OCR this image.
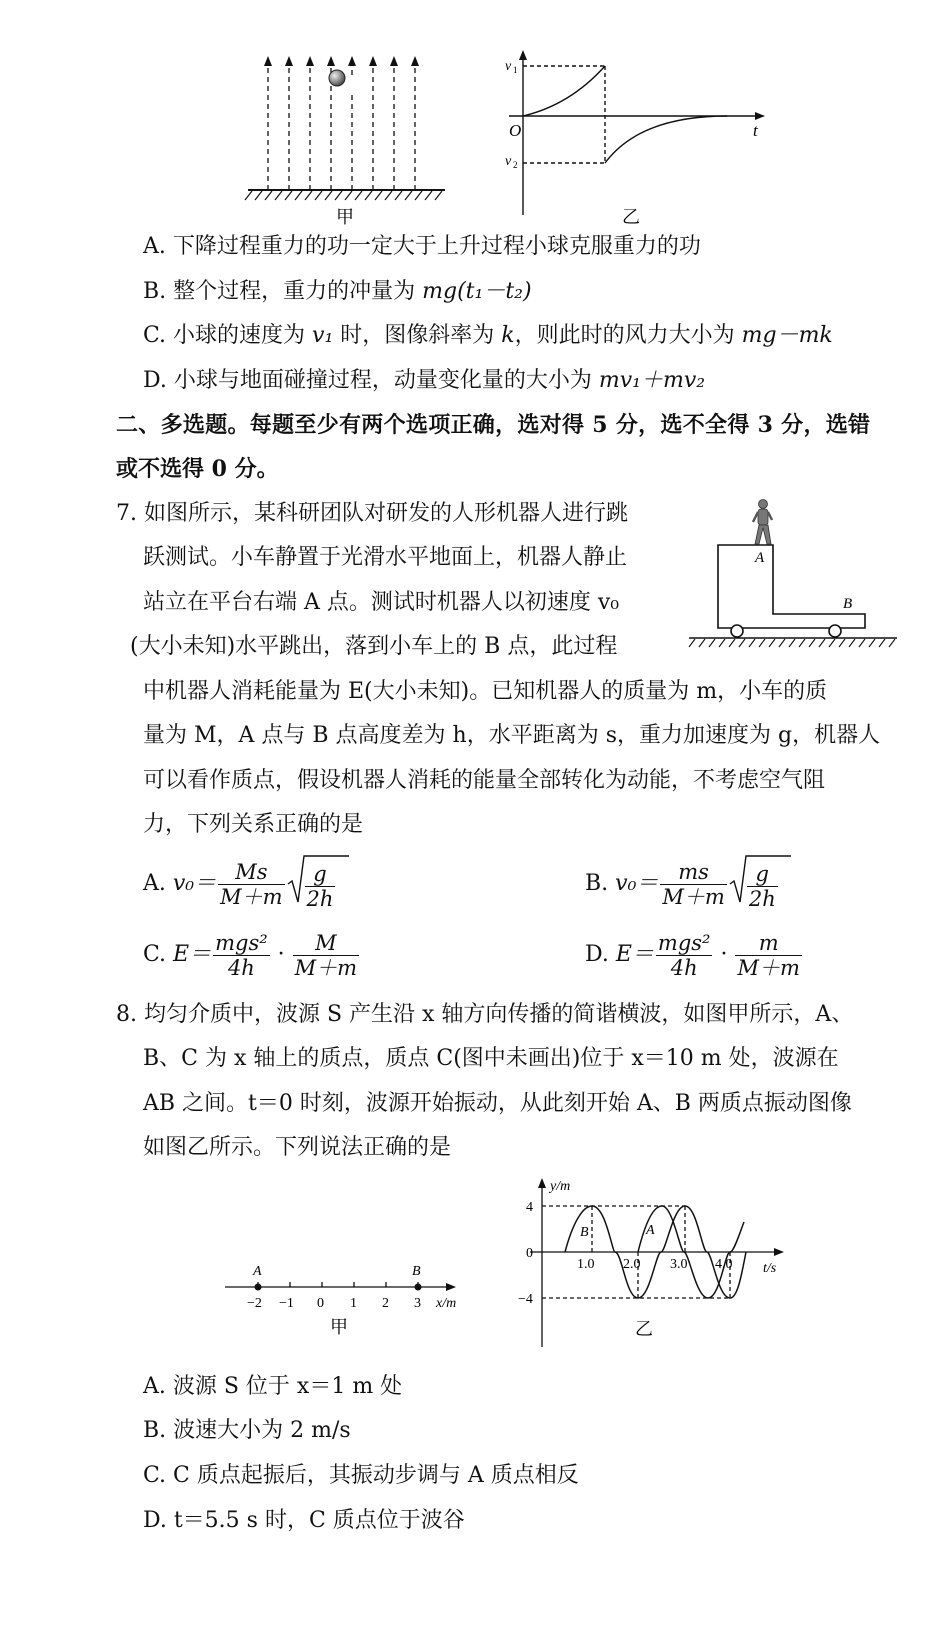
甲
v 1
v 2
O	t
乙
A. 下降过程重力的功一定大于上升过程小球克服重力的功
B. 整个过程，重力的冲量为 mg(t₁－t₂)
C. 小球的速度为 v₁ 时，图像斜率为 k，则此时的风力大小为 mg－mk
D. 小球与地面碰撞过程，动量变化量的大小为 mv₁＋mv₂
二、多选题。每题至少有两个选项正确，选对得 5 分，选不全得 3 分，选错
或不选得 0 分。
7. 如图所示，某科研团队对研发的人形机器人进行跳
跃测试。小车静置于光滑水平地面上，机器人静止
站立在平台右端 A 点。测试时机器人以初速度 v₀
(大小未知)水平跳出，落到小车上的 B 点，此过程
中机器人消耗能量为 E(大小未知)。已知机器人的质量为 m，小车的质
量为 M，A 点与 B 点高度差为 h，水平距离为 s，重力加速度为 g，机器人
可以看作质点，假设机器人消耗的能量全部转化为动能，不考虑空气阻
力，下列关系正确的是
A
B
A. $v_0= \frac{Ms}{M+m} \frac{g}{2h}$	B. $v_0= \frac{ms}{M+m} \frac{g}{2h}$
C. $E= \frac{\text{mgs²}}{4h} \cdot \frac{M}{M+m}$	D. $E= \frac{\text{mgs²}}{4h} \cdot \frac{m}{M+m}$
8. 均匀介质中，波源 S 产生沿 x 轴方向传播的简谐横波，如图甲所示，A、
B、C 为 x 轴上的质点，质点 C(图中未画出)位于 x＝10 m 处，波源在
AB 之间。t＝0 时刻，波源开始振动，从此刻开始 A、B 两质点振动图像
如图乙所示。下列说法正确的是
A	B
−2 −1 0 1 2 3 x/m
甲
y/m
4
0
−4
1.0 2.0 3.0 4.0 t/s
B	A
乙
A. 波源 S 位于 x＝1 m 处
B. 波速大小为 2 m/s
C. C 质点起振后，其振动步调与 A 质点相反
D. t＝5.5 s 时，C 质点位于波谷
